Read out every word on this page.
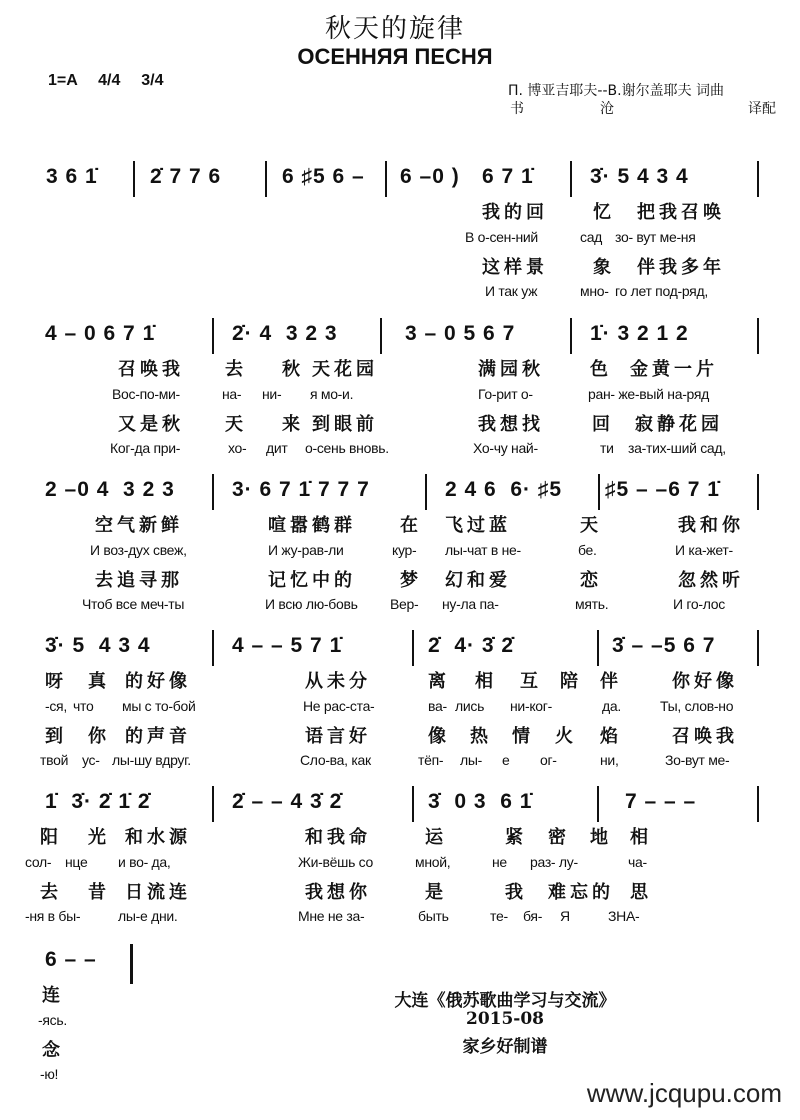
秋天的旋律
ОСЕННЯЯ ПЕСНЯ
1=A  4/4  3/4
П. 博亚吉耶夫--В.谢尔盖耶夫 词曲
书	沧	译配
3 6 1̇ 2̇ 7 7 6	6 ♯5 6 – 6 –0 ) 6 7 1̇	3̇· 5 4 3 4
我的回	忆 把我召唤
В о-сен-ний	сад зо- вут ме-ня
这样景	象 伴我多年
И так уж	мно- го лет под-ряд,
4 – 0 6 7 1̇	2̇· 4  3 2 3	3 – 0 5 6 7	1̇· 3 2 1 2
召唤我 去 秋 天花园	满园秋	色 金黄一片
Вос-по-ми-	на- ни- я мо-и.	Го-рит о-	ран- же-вый на-ряд
又是秋 天 来 到眼前	我想找	回 寂静花园
Ког-да при-	хо- дит о-сень вновь.	Хо-чу най-	ти за-тих-ший сад,
2 –0 4  3 2 3	3· 6 7 1̇ 7 7 7	2 4 6  6· ♯5 ♯5 – –6 7 1̇
空气新鲜	喧嚣鹤群 在 飞过蓝	天	我和你
И воз-дух свеж,	И жу-рав-ли	кур- лы-чат в не-	бе.	И ка-жет-
去追寻那	记忆中的 梦 幻和爱	恋	忽然听
Чтоб все меч-ты	И всю лю-бовь Вер- ну-ла па-	мять.	И го-лос
3̇· 5  4 3 4	4 – – 5 7 1̇	2̇  4· 3̇ 2̇	3̇ – –5 6 7
呀 真 的好像	从未分	离 相 互 陪 伴	你好像
-ся, что мы с то-бой	Не рас-ста-	ва- лись ни-ког-	да.	Ты, слов-но
到 你 的声音	语言好	像 热 情 火 焰	召唤我
твой ус- лы-шу вдруг.	Сло-ва, как	тёп- лы- е ог-	ни,	Зо-вут ме-
1̇  3̇· 2̇ 1̇ 2̇	2̇ – – 4 3̇ 2̇	3̇  0 3  6 1̇	7 – – –
阳 光 和水源	和我命	运	紧 密 地 相
сол- нце и во- да,	Жи-вёшь со	мной,	не раз- лу-	ча-
去 昔 日流连	我想你	是	我 难忘的 思
-ня в бы-	лы-е дни.	Мне не за-	быть	те- бя- Я	ЗНА-
6 – –
连
-ясь.
念
-ю!
大连《俄苏歌曲学习与交流》
2015-08
家乡好制谱
www.jcqupu.com
